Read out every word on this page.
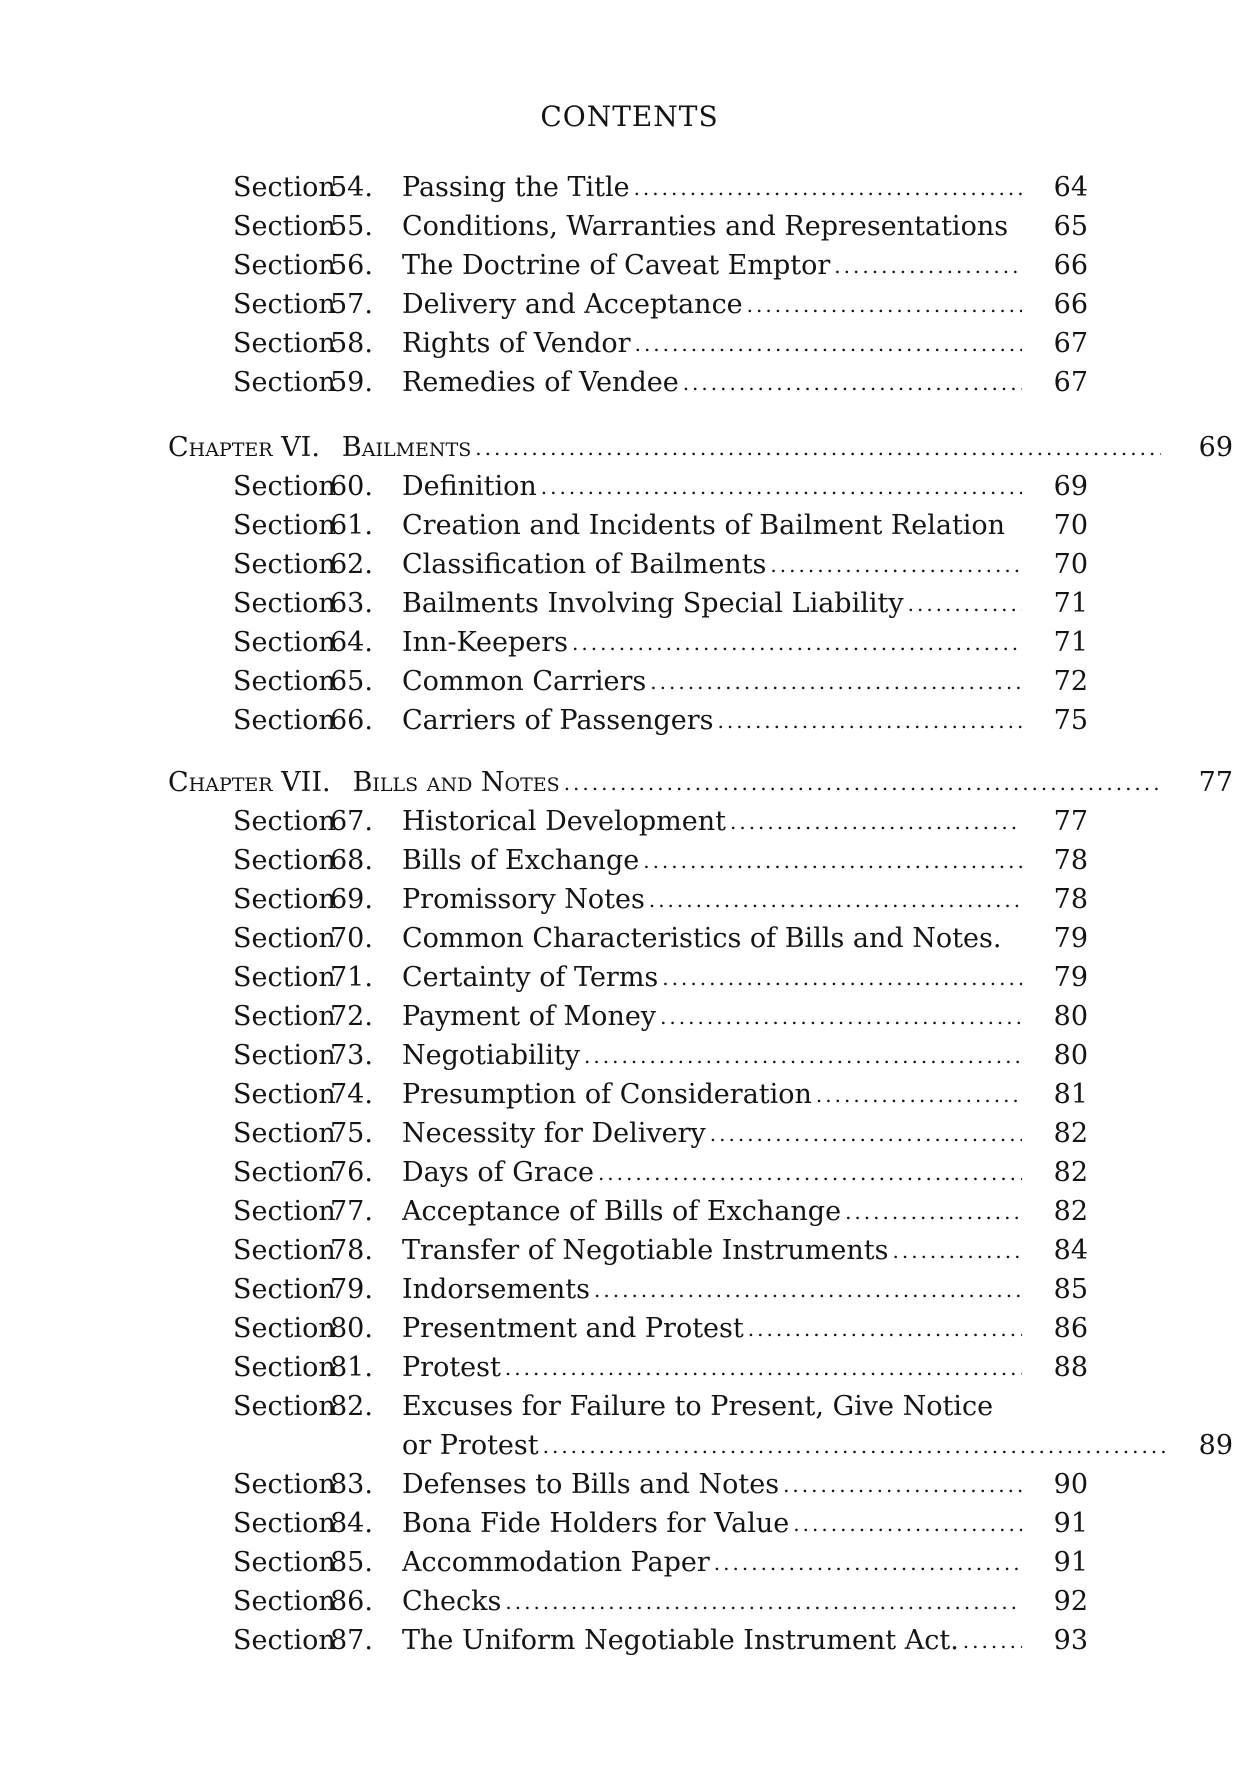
CONTENTS
Section
54.	Passing the Title .....	64
Section
55.	Conditions, Warranties and Representations	65
Section
56.	The Doctrine of Caveat Emptor .....	66
Section
57.	Delivery and Acceptance .....	66
Section
58.	Rights of Vendor .....	67
Section
59.	Remedies of Vendee .....	67
Chapter VI. Bailments .....	69
Section
60.	Definition .....	69
Section
61.	Creation and Incidents of Bailment Relation	70
Section
62.	Classification of Bailments .....	70
Section
63.	Bailments Involving Special Liability .....	71
Section
64.	Inn-Keepers .....	71
Section
65.	Common Carriers .....	72
Section
66.	Carriers of Passengers .....	75
Chapter VII. Bills and Notes .....	77
Section
67.	Historical Development .....	77
Section
68.	Bills of Exchange .....	78
Section
69.	Promissory Notes .....	78
Section
70.	Common Characteristics of Bills and Notes.	79
Section
71.	Certainty of Terms .....	79
Section
72.	Payment of Money .....	80
Section
73.	Negotiability .....	80
Section
74.	Presumption of Consideration .....	81
Section
75.	Necessity for Delivery .....	82
Section
76.	Days of Grace .....	82
Section
77.	Acceptance of Bills of Exchange .....	82
Section
78.	Transfer of Negotiable Instruments .....	84
Section
79.	Indorsements .....	85
Section
80.	Presentment and Protest .....	86
Section
81.	Protest .....	88
Section
82.	Excuses for Failure to Present, Give Notice
or Protest .....	89
Section
83.	Defenses to Bills and Notes .....	90
Section
84.	Bona Fide Holders for Value .....	91
Section
85.	Accommodation Paper .....	91
Section
86.	Checks .....	92
Section
87.	The Uniform Negotiable Instrument Act. .....	93
